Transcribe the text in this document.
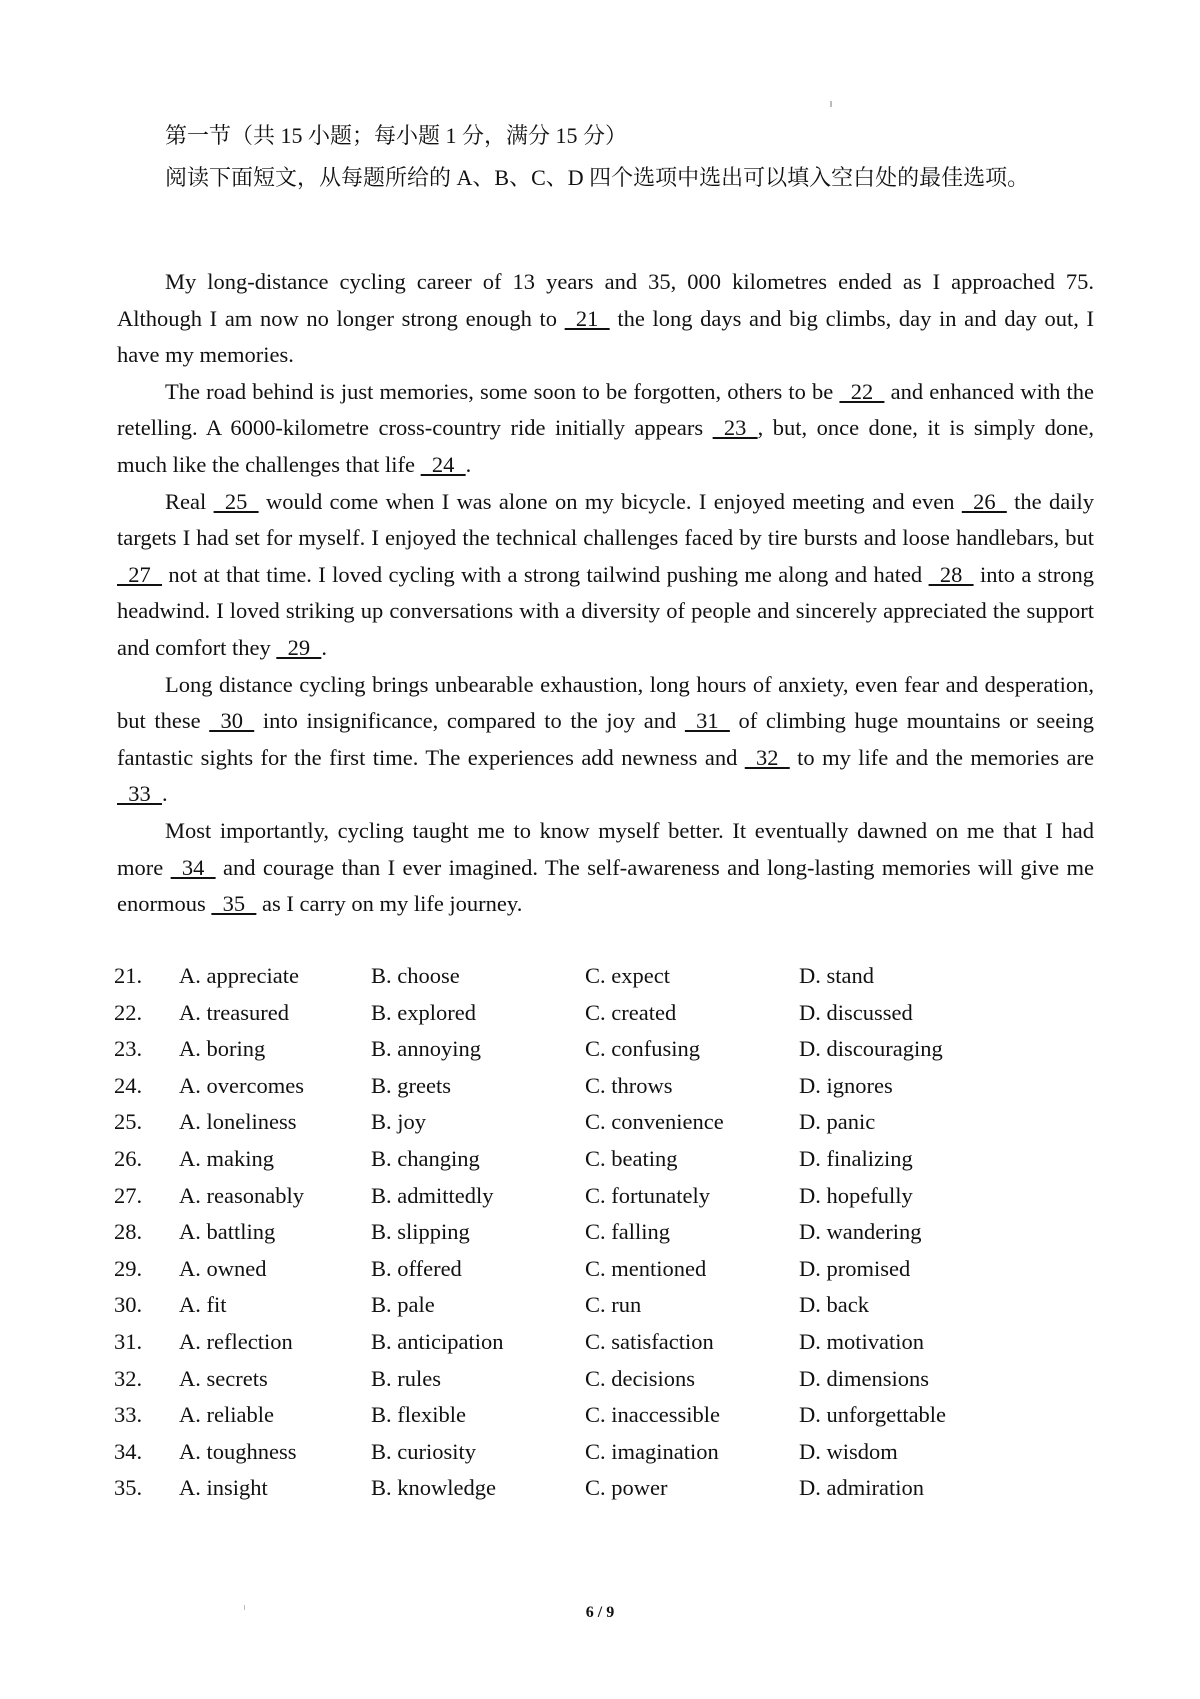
第一节（共 15 小题；每小题 1 分，满分 15 分）
阅读下面短文，从每题所给的 A、B、C、D 四个选项中选出可以填入空白处的最佳选项。

My long-distance cycling career of 13 years and 35, 000 kilometres ended as I approached 75. Although I am now no longer strong enough to   21   the long days and big climbs, day in and day out, I have my memories.

The road behind is just memories, some soon to be forgotten, others to be   22   and enhanced with the retelling. A 6000-kilometre cross-country ride initially appears   23  , but, once done, it is simply done, much like the challenges that life   24  .

Real   25   would come when I was alone on my bicycle. I enjoyed meeting and even   26   the daily targets I had set for myself. I enjoyed the technical challenges faced by tire bursts and loose handlebars, but   27   not at that time. I loved cycling with a strong tailwind pushing me along and hated   28   into a strong headwind. I loved striking up conversations with a diversity of people and sincerely appreciated the support and comfort they   29  .

Long distance cycling brings unbearable exhaustion, long hours of anxiety, even fear and desperation, but these   30   into insignificance, compared to the joy and   31   of climbing huge mountains or seeing fantastic sights for the first time. The experiences add newness and   32   to my life and the memories are   33  .

Most importantly, cycling taught me to know myself better. It eventually dawned on me that I had more   34   and courage than I ever imagined. The self-awareness and long-lasting memories will give me enormous   35   as I carry on my life journey.

21. A. appreciate	B. choose	C. expect	D. stand
22. A. treasured	B. explored	C. created	D. discussed
23. A. boring	B. annoying	C. confusing	D. discouraging
24. A. overcomes	B. greets	C. throws	D. ignores
25. A. loneliness	B. joy	C. convenience	D. panic
26. A. making	B. changing	C. beating	D. finalizing
27. A. reasonably	B. admittedly	C. fortunately	D. hopefully
28. A. battling	B. slipping	C. falling	D. wandering
29. A. owned	B. offered	C. mentioned	D. promised
30. A. fit	B. pale	C. run	D. back
31. A. reflection	B. anticipation	C. satisfaction	D. motivation
32. A. secrets	B. rules	C. decisions	D. dimensions
33. A. reliable	B. flexible	C. inaccessible	D. unforgettable
34. A. toughness	B. curiosity	C. imagination	D. wisdom
35. A. insight	B. knowledge	C. power	D. admiration
6 / 9
